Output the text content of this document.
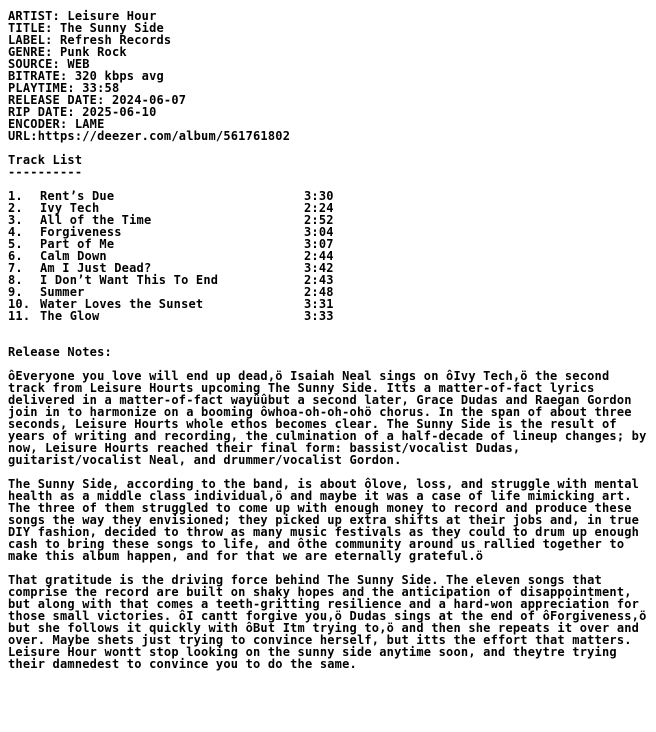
ARTIST: Leisure Hour
TITLE: The Sunny Side
LABEL: Refresh Records
GENRE: Punk Rock
SOURCE: WEB
BITRATE: 320 kbps avg
PLAYTIME: 33:58
RELEASE DATE: 2024-06-07
RIP DATE: 2025-06-10
ENCODER: LAME
URL:https://deezer.com/album/561761802
Track List
----------
1.	Rent’s Due	3:30
2.	Ivy Tech	2:24
3.	All of the Time	2:52
4.	Forgiveness	3:04
5.	Part of Me	3:07
6.	Calm Down	2:44
7.	Am I Just Dead?	3:42
8.	I Don’t Want This To End	2:43
9.	Summer	2:48
10. Water Loves the Sunset	3:31
11. The Glow	3:33
Release Notes:
ôEveryone you love will end up dead,ö Isaiah Neal sings on ôIvy Tech,ö the second track from Leisure Hourts upcoming The Sunny Side. Itts a matter-of-fact lyrics delivered in a matter-of-fact wayûûbut a second later, Grace Dudas and Raegan Gordon join in to harmonize on a booming ôwhoa-oh-oh-ohö chorus. In the span of about three seconds, Leisure Hourts whole ethos becomes clear. The Sunny Side is the result of years of writing and recording, the culmination of a half-decade of lineup changes; by now, Leisure Hourts reached their final form: bassist/vocalist Dudas, guitarist/vocalist Neal, and drummer/vocalist Gordon.
The Sunny Side, according to the band, is about ôlove, loss, and struggle with mental health as a middle class individual,ö and maybe it was a case of life mimicking art. The three of them struggled to come up with enough money to record and produce these songs the way they envisioned; they picked up extra shifts at their jobs and, in true DIY fashion, decided to throw as many music festivals as they could to drum up enough cash to bring these songs to life, and ôthe community around us rallied together to make this album happen, and for that we are eternally grateful.ö
That gratitude is the driving force behind The Sunny Side. The eleven songs that comprise the record are built on shaky hopes and the anticipation of disappointment, but along with that comes a teeth-gritting resilience and a hard-won appreciation for those small victories. ôI cantt forgive you,ö Dudas sings at the end of ôForgiveness,ö but she follows it quickly with ôBut Itm trying to,ö and then she repeats it over and over. Maybe shets just trying to convince herself, but itts the effort that matters. Leisure Hour wontt stop looking on the sunny side anytime soon, and theytre trying their damnedest to convince you to do the same.
